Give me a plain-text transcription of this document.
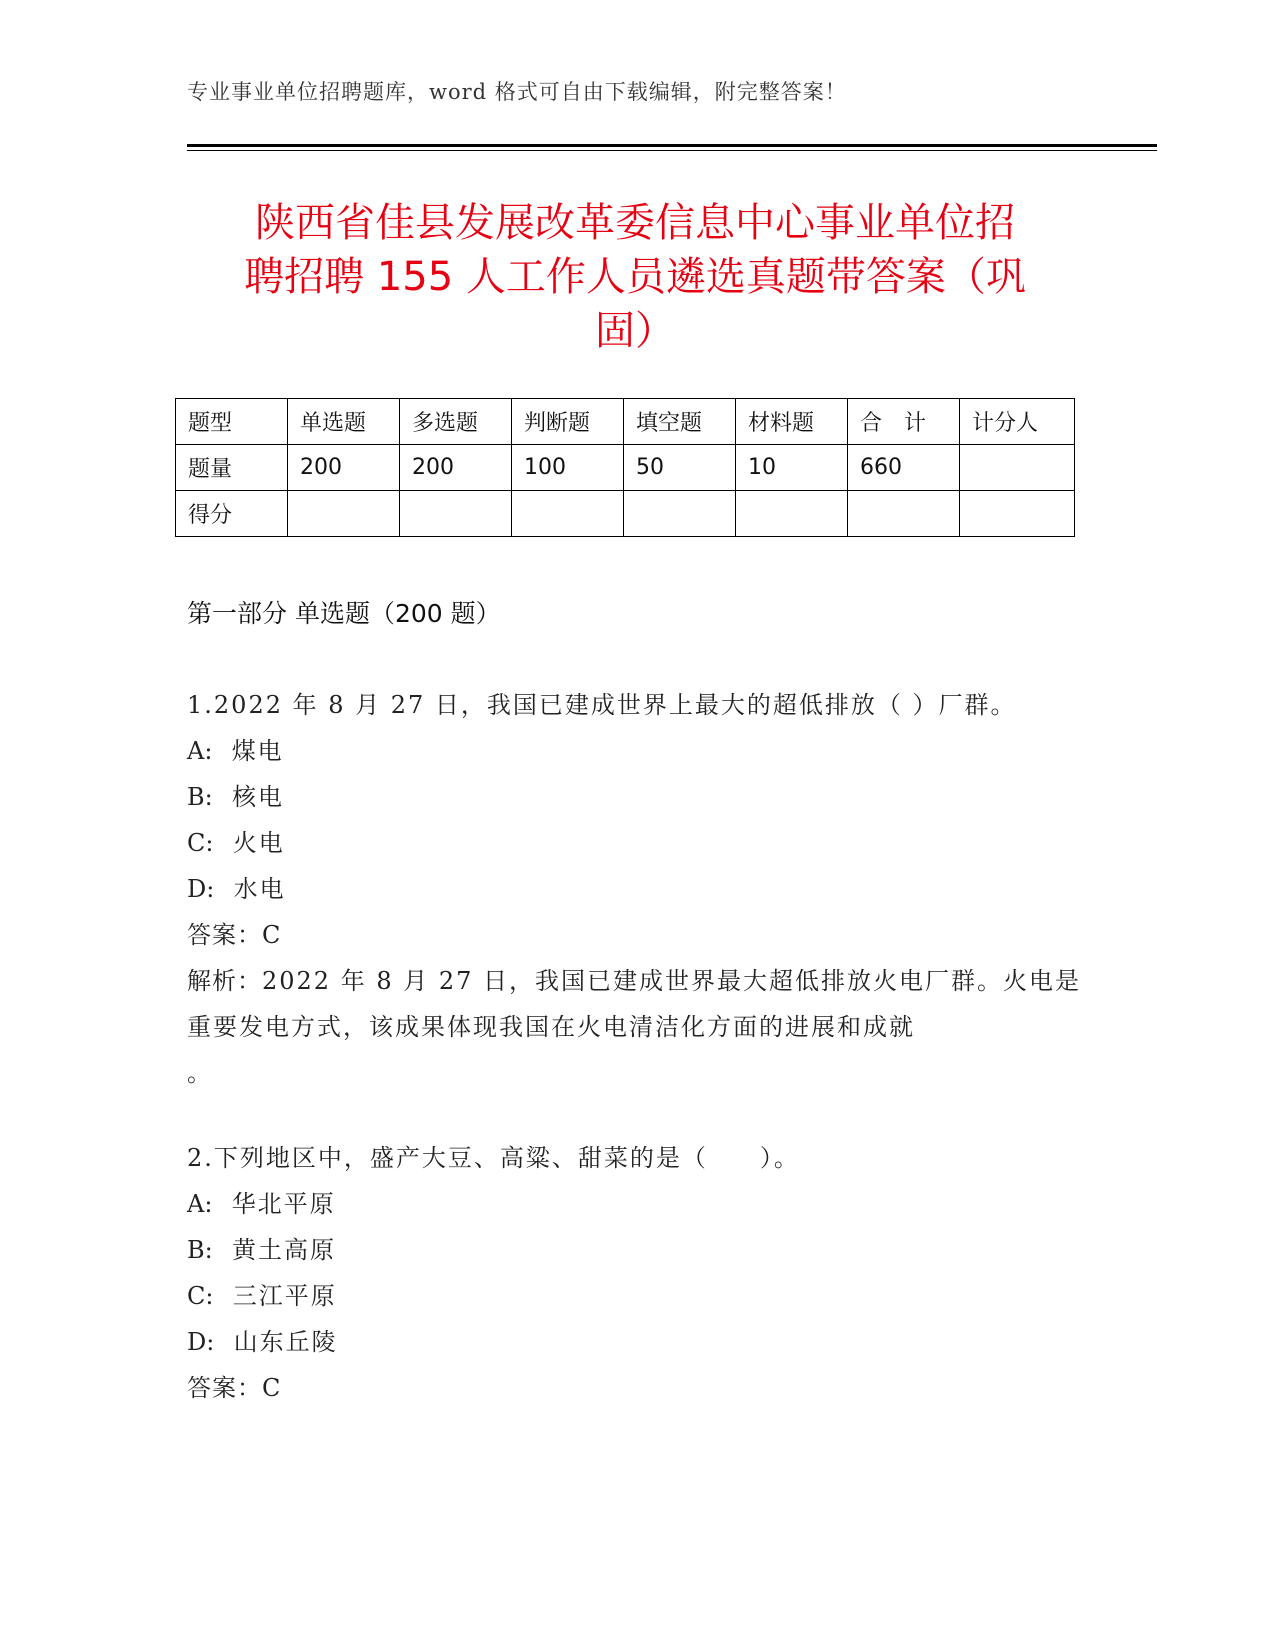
专业事业单位招聘题库，word 格式可自由下载编辑，附完整答案！
陕西省佳县发展改革委信息中心事业单位招
聘招聘 155 人工作人员遴选真题带答案（巩
固）
题型	单选题	多选题	判断题	填空题	材料题	合　计	计分人
题量	200	200	100	50	10	660	
得分							
第一部分 单选题（200 题）
1.2022 年 8 月 27 日，我国已建成世界上最大的超低排放（ ）厂群。
A: 煤电
B: 核电
C: 火电
D: 水电
答案：C
解析：2022 年 8 月 27 日，我国已建成世界最大超低排放火电厂群。火电是重要发电方式，该成果体现我国在火电清洁化方面的进展和成就
。
2.下列地区中，盛产大豆、高粱、甜菜的是（　　）。
A: 华北平原
B: 黄土高原
C: 三江平原
D: 山东丘陵
答案：C
